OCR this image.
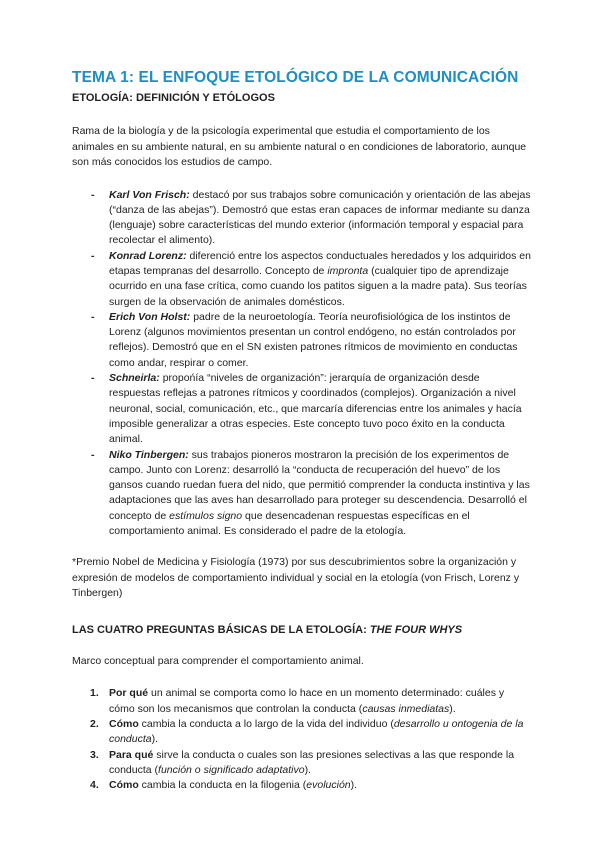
TEMA 1: EL ENFOQUE ETOLÓGICO DE LA COMUNICACIÓN
ETOLOGÍA: DEFINICIÓN Y ETÓLOGOS

Rama de la biología y de la psicología experimental que estudia el comportamiento de los animales en su ambiente natural, en su ambiente natural o en condiciones de laboratorio, aunque son más conocidos los estudios de campo.

- Karl Von Frisch: destacó por sus trabajos sobre comunicación y orientación de las abejas (“danza de las abejas”). Demostró que estas eran capaces de informar mediante su danza (lenguaje) sobre características del mundo exterior (información temporal y espacial para recolectar el alimento).
- Konrad Lorenz: diferenció entre los aspectos conductuales heredados y los adquiridos en etapas tempranas del desarrollo. Concepto de impronta (cualquier tipo de aprendizaje ocurrido en una fase crítica, como cuando los patitos siguen a la madre pata). Sus teorías surgen de la observación de animales domésticos.
- Erich Von Holst: padre de la neuroetología. Teoría neurofisiológica de los instintos de Lorenz (algunos movimientos presentan un control endógeno, no están controlados por reflejos). Demostró que en el SN existen patrones rítmicos de movimiento en conductas como andar, respirar o comer.
- Schneirla: propońía “niveles de organización”: jerarquía de organización desde respuestas reflejas a patrones rítmicos y coordinados (complejos). Organización a nivel neuronal, social, comunicación, etc., que marcaría diferencias entre los animales y hacía imposible generalizar a otras especies. Este concepto tuvo poco éxito en la conducta animal.
- Niko Tinbergen: sus trabajos pioneros mostraron la precisión de los experimentos de campo. Junto con Lorenz: desarrolló la “conducta de recuperación del huevo” de los gansos cuando ruedan fuera del nido, que permitió comprender la conducta instintiva y las adaptaciones que las aves han desarrollado para proteger su descendencia. Desarrolló el concepto de estímulos signo que desencadenan respuestas específicas en el comportamiento animal. Es considerado el padre de la etología.

*Premio Nobel de Medicina y Fisiología (1973) por sus descubrimientos sobre la organización y expresión de modelos de comportamiento individual y social en la etología (von Frisch, Lorenz y Tinbergen)

LAS CUATRO PREGUNTAS BÁSICAS DE LA ETOLOGÍA: THE FOUR WHYS

Marco conceptual para comprender el comportamiento animal.

1. Por qué un animal se comporta como lo hace en un momento determinado: cuáles y cómo son los mecanismos que controlan la conducta (causas inmediatas).
2. Cómo cambia la conducta a lo largo de la vida del individuo (desarrollo u ontogenia de la conducta).
3. Para qué sirve la conducta o cuales son las presiones selectivas a las que responde la conducta (función o significado adaptativo).
4. Cómo cambia la conducta en la filogenia (evolución).
